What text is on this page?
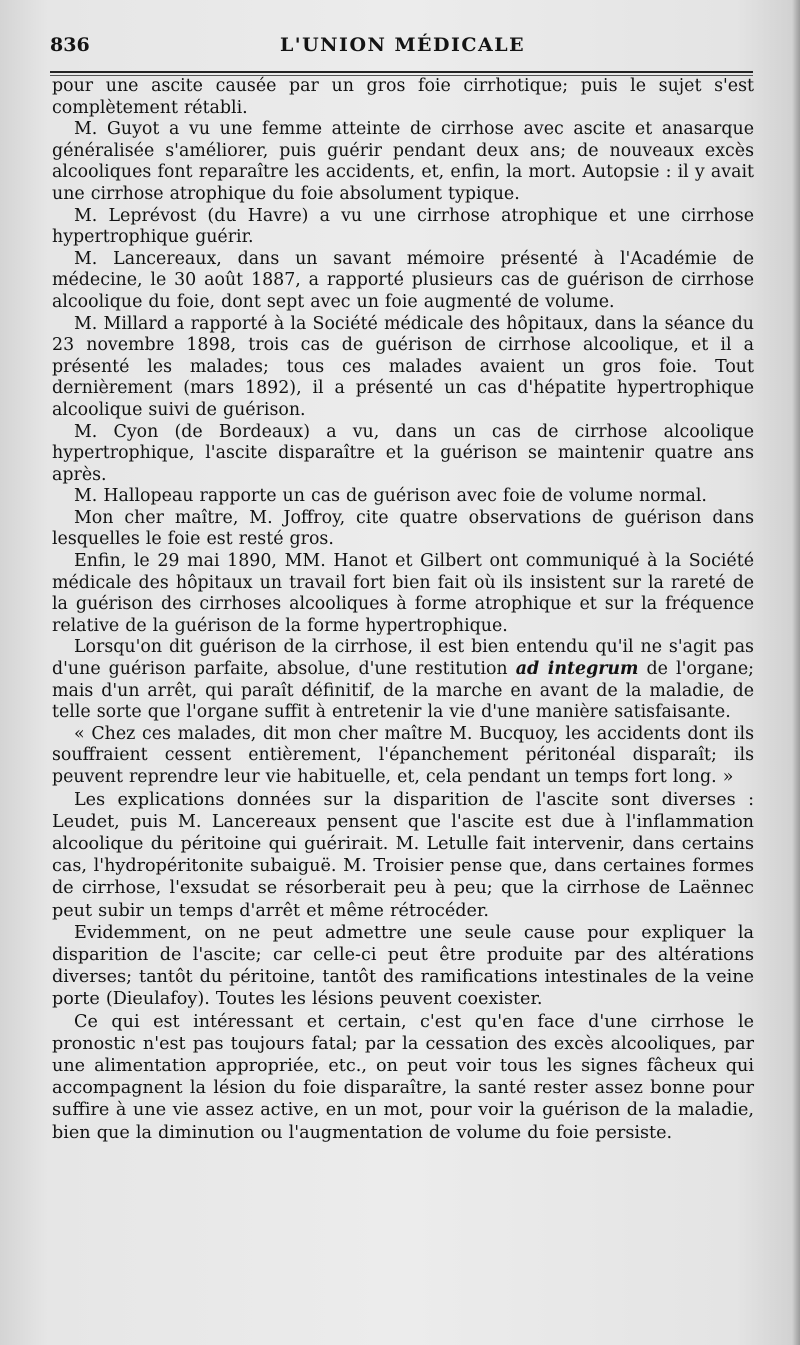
836	L'UNION MÉDICALE

pour une ascite causée par un gros foie cirrhotique; puis le sujet s'est complètement rétabli.

M. Guyot a vu une femme atteinte de cirrhose avec ascite et anasarque généralisée s'améliorer, puis guérir pendant deux ans; de nouveaux excès alcooliques font reparaître les accidents, et, enfin, la mort. Autopsie : il y avait une cirrhose atrophique du foie absolument typique.

M. Leprévost (du Havre) a vu une cirrhose atrophique et une cirrhose hypertrophique guérir.

M. Lancereaux, dans un savant mémoire présenté à l'Académie de médecine, le 30 août 1887, a rapporté plusieurs cas de guérison de cirrhose alcoolique du foie, dont sept avec un foie augmenté de volume.

M. Millard a rapporté à la Société médicale des hôpitaux, dans la séance du 23 novembre 1898, trois cas de guérison de cirrhose alcoolique, et il a présenté les malades; tous ces malades avaient un gros foie. Tout dernièrement (mars 1892), il a présenté un cas d'hépatite hypertrophique alcoolique suivi de guérison.

M. Cyon (de Bordeaux) a vu, dans un cas de cirrhose alcoolique hypertrophique, l'ascite disparaître et la guérison se maintenir quatre ans après.

M. Hallopeau rapporte un cas de guérison avec foie de volume normal.

Mon cher maître, M. Joffroy, cite quatre observations de guérison dans lesquelles le foie est resté gros.

Enfin, le 29 mai 1890, MM. Hanot et Gilbert ont communiqué à la Société médicale des hôpitaux un travail fort bien fait où ils insistent sur la rareté de la guérison des cirrhoses alcooliques à forme atrophique et sur la fréquence relative de la guérison de la forme hypertrophique.

Lorsqu'on dit guérison de la cirrhose, il est bien entendu qu'il ne s'agit pas d'une guérison parfaite, absolue, d'une restitution ad integrum de l'organe; mais d'un arrêt, qui paraît définitif, de la marche en avant de la maladie, de telle sorte que l'organe suffit à entretenir la vie d'une manière satisfaisante.

« Chez ces malades, dit mon cher maître M. Bucquoy, les accidents dont ils souffraient cessent entièrement, l'épanchement péritonéal disparaît; ils peuvent reprendre leur vie habituelle, et, cela pendant un temps fort long. »

Les explications données sur la disparition de l'ascite sont diverses : Leudet, puis M. Lancereaux pensent que l'ascite est due à l'inflammation alcoolique du péritoine qui guérirait. M. Letulle fait intervenir, dans certains cas, l'hydropéritonite subaiguë. M. Troisier pense que, dans certaines formes de cirrhose, l'exsudat se résorberait peu à peu; que la cirrhose de Laënnec peut subir un temps d'arrêt et même rétrocéder.

Evidemment, on ne peut admettre une seule cause pour expliquer la disparition de l'ascite; car celle-ci peut être produite par des altérations diverses; tantôt du péritoine, tantôt des ramifications intestinales de la veine porte (Dieulafoy). Toutes les lésions peuvent coexister.

Ce qui est intéressant et certain, c'est qu'en face d'une cirrhose le pronostic n'est pas toujours fatal; par la cessation des excès alcooliques, par une alimentation appropriée, etc., on peut voir tous les signes fâcheux qui accompagnent la lésion du foie disparaître, la santé rester assez bonne pour suffire à une vie assez active, en un mot, pour voir la guérison de la maladie, bien que la diminution ou l'augmentation de volume du foie persiste.
